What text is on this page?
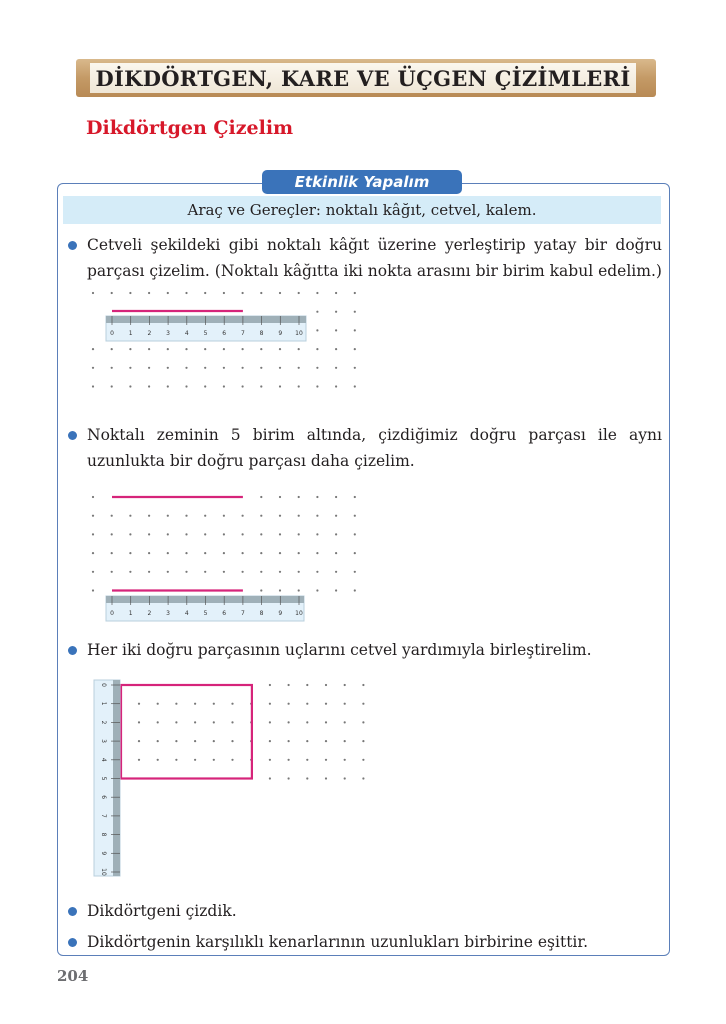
DİKDÖRTGEN, KARE VE ÜÇGEN ÇİZİMLERİ
Dikdörtgen Çizelim
Etkinlik Yapalım
Araç ve Gereçler: noktalı kâğıt, cetvel, kalem.
Cetveli şekildeki gibi noktalı kâğıt üzerine yerleştirip yatay bir doğru parçası çizelim. (Noktalı kâğıtta iki nokta arasını bir birim kabul edelim.)
Noktalı zeminin 5 birim altında, çizdiğimiz doğru parçası ile aynı uzunlukta bir doğru parçası daha çizelim.
Her iki doğru parçasının uçlarını cetvel yardımıyla birleştirelim.
Dikdörtgeni çizdik.
Dikdörtgenin karşılıklı kenarlarının uzunlukları birbirine eşittir.
0 1 2 3 4 5 6 7 8 9 10
0 1 2 3 4 5 6 7 8 9 10
0
1
2
3
4
5
6
7
8
9
10
204
